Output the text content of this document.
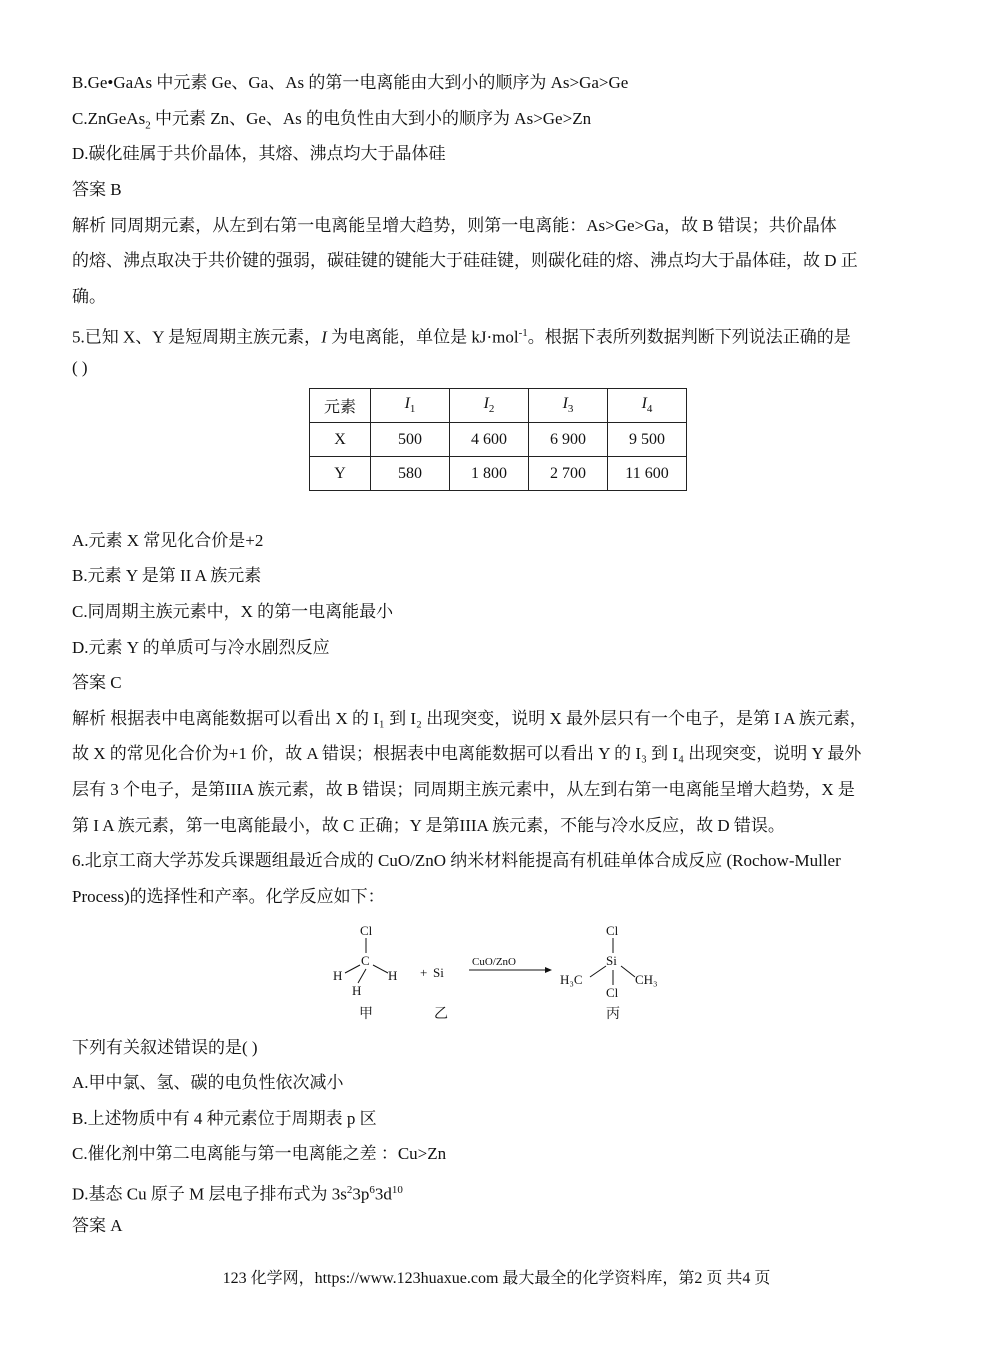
B.Ge•GaAs 中元素 Ge、Ga、As 的第一电离能由大到小的顺序为 As>Ga>Ge
C.ZnGeAs$_2$ 中元素 Zn、Ge、As 的电负性由大到小的顺序为 As>Ge>Zn
D.碳化硅属于共价晶体，其熔、沸点均大于晶体硅
答案 B
解析 同周期元素，从左到右第一电离能呈增大趋势，则第一电离能：As>Ge>Ga，故 B 错误；共价晶体
的熔、沸点取决于共价键的强弱，碳硅键的键能大于硅硅键，则碳化硅的熔、沸点均大于晶体硅，故 D 正
确。
5.已知 X、Y 是短周期主族元素，I 为电离能，单位是 kJ·mol$^{-1}$。根据下表所列数据判断下列说法正确的是
( )
A.元素 X 常见化合价是+2
B.元素 Y 是第 II A 族元素
C.同周期主族元素中，X 的第一电离能最小
D.元素 Y 的单质可与冷水剧烈反应
答案 C
解析 根据表中电离能数据可以看出 X 的 I₁ 到 I₂ 出现突变，说明 X 最外层只有一个电子，是第 I A 族元素，
故 X 的常见化合价为+1 价，故 A 错误；根据表中电离能数据可以看出 Y 的 I₃ 到 I₄ 出现突变，说明 Y 最外
层有 3 个电子，是第IIIA 族元素，故 B 错误；同周期主族元素中，从左到右第一电离能呈增大趋势，X 是
第 I A 族元素，第一电离能最小，故 C 正确；Y 是第IIIA 族元素，不能与冷水反应，故 D 错误。
6.北京工商大学苏发兵课题组最近合成的 CuO/ZnO 纳米材料能提高有机硅单体合成反应 (Rochow-Muller
Process)的选择性和产率。化学反应如下：
下列有关叙述错误的是( )
A.甲中氯、氢、碳的电负性依次减小
B.上述物质中有 4 种元素位于周期表 p 区
C.催化剂中第二电离能与第一电离能之差 ：Cu>Zn
D.基态 Cu 原子 M 层电子排布式为 $3s^23p^63d^{10}$
答案 A
元素	$I_1$	$I_2$	$I_3$	$I_4$
X	500	4 600	6 900	9 500
Y	580	1 800	2 700	11 600
Cl
C
H	H
H
甲
+ Si
乙
CuO/ZnO
Cl
Si
H₃C	CH₃
Cl
丙
123 化学网，https://www.123huaxue.com 最大最全的化学资料库，第2 页 共4 页
